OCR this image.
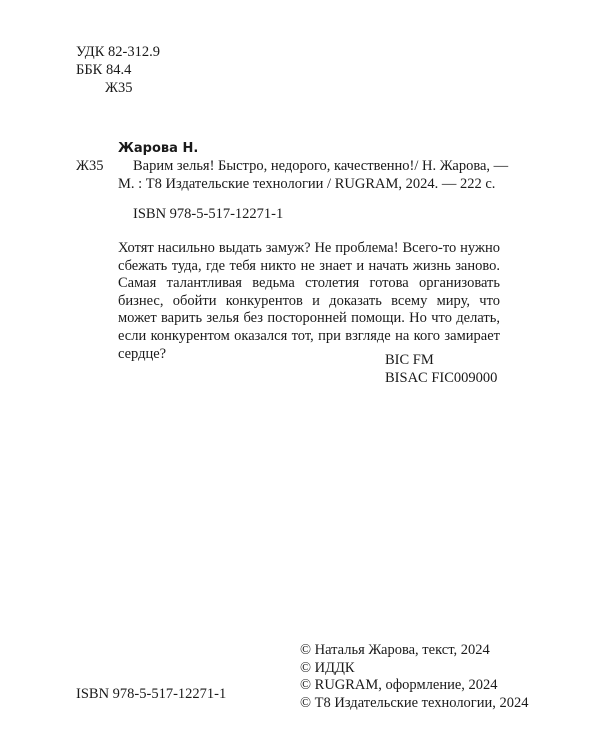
УДК 82-312.9
ББК 84.4
Ж35
Жарова Н.
Ж35 Варим зелья! Быстро, недорого, качественно!/ Н. Жарова, —
М. : Т8 Издательские технологии / RUGRAM, 2024. — 222 с.
ISBN 978-5-517-12271-1
Хотят насильно выдать замуж? Не проблема! Всего-то нужно сбежать туда, где тебя никто не знает и начать жизнь заново. Самая талантливая ведьма столетия готова организовать бизнес, обойти конкурентов и доказать всему миру, что может варить зелья без посторонней помощи. Но что делать, если конкурентом оказался тот, при взгляде на кого замирает сердце?	BIC FM
BISAC FIC009000
ISBN 978-5-517-12271-1
© Наталья Жарова, текст, 2024
© ИДДК
© RUGRAM, оформление, 2024
© Т8 Издательские технологии, 2024
